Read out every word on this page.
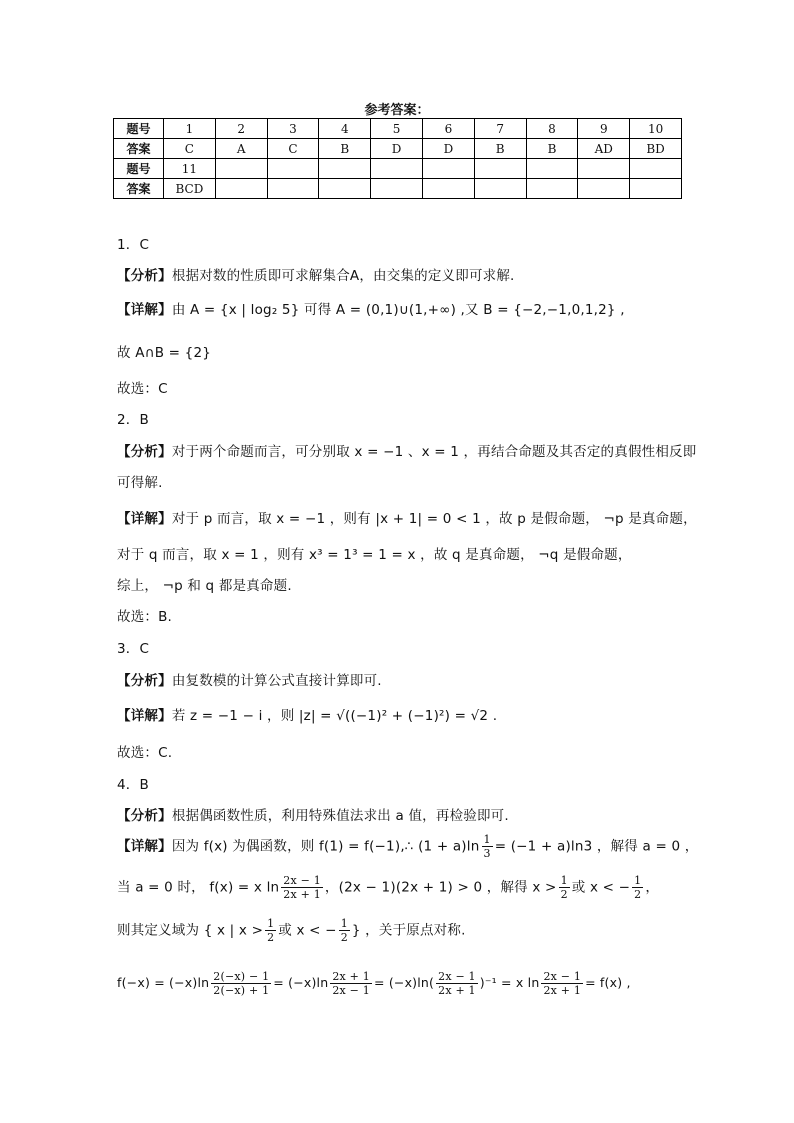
参考答案：
题号	1	2	3	4	5	6	7	8	9	10
答案	C	A	C	B	D	D	B	B	AD	BD
题号	11									
答案	BCD									
1．C
【分析】根据对数的性质即可求解集合A，由交集的定义即可求解.
【详解】由 A = {x | log₂ 5} 可得 A = (0,1)∪(1,+∞) ,又 B = {−2,−1,0,1,2} ,
故 A∩B = {2}
故选：C
2．B
【分析】对于两个命题而言，可分别取 x = −1 、x = 1 ，再结合命题及其否定的真假性相反即
可得解.
【详解】对于 p 而言，取 x = −1 ，则有 |x + 1| = 0 < 1 ，故 p 是假命题， ¬p 是真命题，
对于 q 而言，取 x = 1 ，则有 x³ = 1³ = 1 = x ，故 q 是真命题， ¬q 是假命题，
综上， ¬p 和 q 都是真命题.
故选：B.
3．C
【分析】由复数模的计算公式直接计算即可.
【详解】若 z = −1 − i ，则 |z| = √((−1)² + (−1)²) = √2 .
故选：C.
4．B
【分析】根据偶函数性质，利用特殊值法求出 a 值，再检验即可.
【详解】因为 f(x) 为偶函数，则 f(1) = f(−1),∴ $(1 + a)\ln \frac{1}{3} = (-1 + a)\ln 3$ ，解得 a = 0 ，
当 a = 0 时， f(x) = x $\ln \frac{2x - 1}{2x + 1}$ ，(2x − 1)(2x + 1) > 0 ，解得 $x > \frac{1}{2}$ 或 x < − $\frac{1}{2}$ ，
则其定义域为 { x | $x > \frac{1}{2}$ 或 x < − $\frac{1}{2}$ } ，关于原点对称.
$f(-x) = (-x)\ln \frac{2(-x) - 1}{2(-x) + 1} = (-x)\ln \frac{2x + 1}{2x - 1} = (-x)\ln( \frac{2x - 1}{2x + 1} )^{-1} = x$ $\ln \frac{2x - 1}{2x + 1} = f(x)$ ,
